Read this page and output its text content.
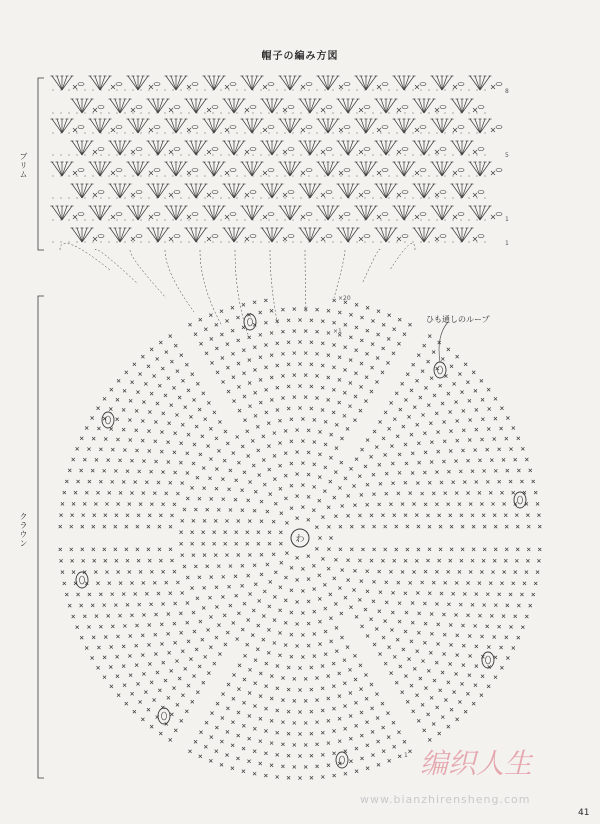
わ
帽子の編み方図
ブリム
クラウン
ひも通しのループ
8
5
1
1
×20
×1
1 编织人生
www.bianzhirensheng.com
41
